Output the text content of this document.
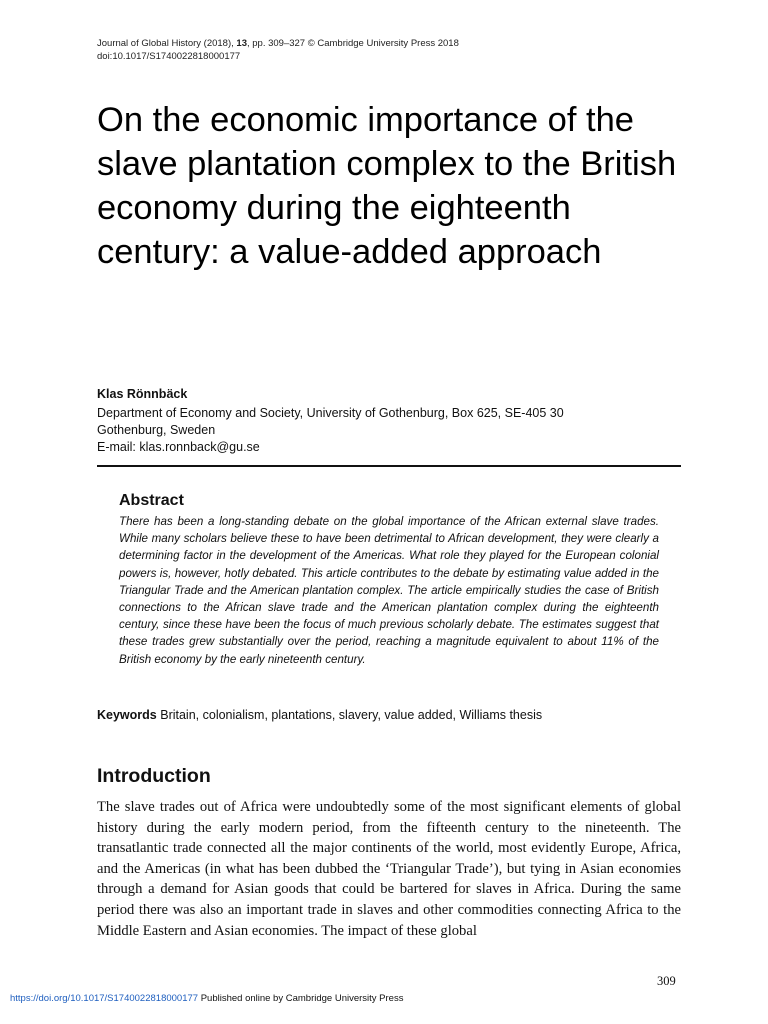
Journal of Global History (2018), 13, pp. 309–327 © Cambridge University Press 2018
doi:10.1017/S1740022818000177
On the economic importance of the slave plantation complex to the British economy during the eighteenth century: a value-added approach
Klas Rönnbäck
Department of Economy and Society, University of Gothenburg, Box 625, SE-405 30
Gothenburg, Sweden
E-mail: klas.ronnback@gu.se
Abstract

There has been a long-standing debate on the global importance of the African external slave trades. While many scholars believe these to have been detrimental to African development, they were clearly a determining factor in the development of the Americas. What role they played for the European colonial powers is, however, hotly debated. This article contributes to the debate by estimating value added in the Triangular Trade and the American plantation complex. The article empirically studies the case of British connections to the African slave trade and the American plantation complex during the eighteenth century, since these have been the focus of much previous scholarly debate. The estimates suggest that these trades grew substantially over the period, reaching a magnitude equivalent to about 11% of the British economy by the early nineteenth century.

Keywords Britain, colonialism, plantations, slavery, value added, Williams thesis
Introduction

The slave trades out of Africa were undoubtedly some of the most significant elements of global history during the early modern period, from the fifteenth century to the nineteenth. The transatlantic trade connected all the major continents of the world, most evidently Europe, Africa, and the Americas (in what has been dubbed the ‘Triangular Trade’), but tying in Asian economies through a demand for Asian goods that could be bartered for slaves in Africa. During the same period there was also an important trade in slaves and other commodities connecting Africa to the Middle Eastern and Asian economies. The impact of these global

309
https://doi.org/10.1017/S1740022818000177 Published online by Cambridge University Press
